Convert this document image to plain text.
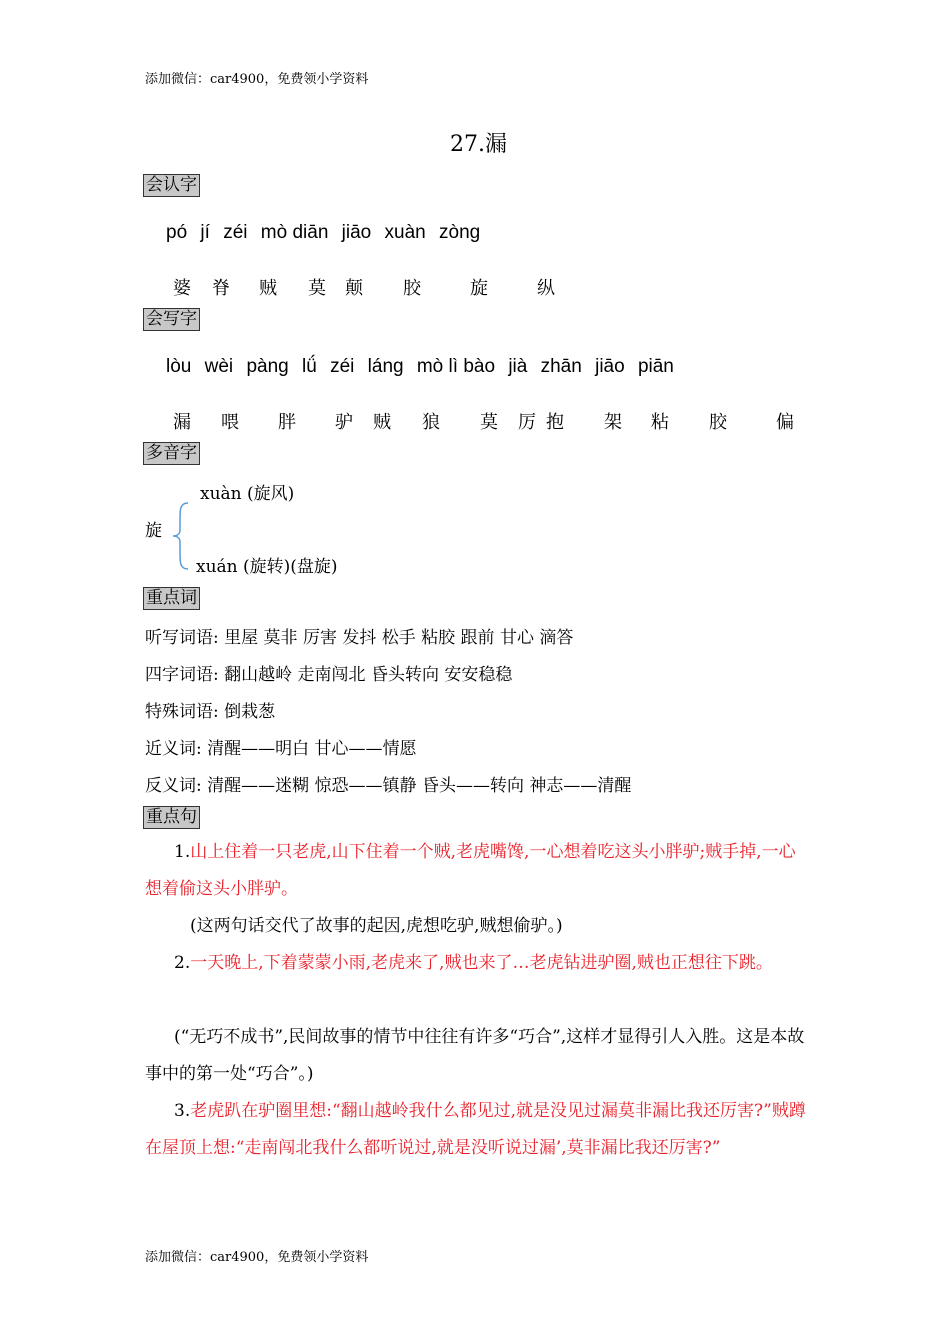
添加微信：car4900，免费领小学资料
27.漏
会认字
pó jí zéi mò diān jiāo xuàn zòng
婆 脊 贼 莫 颠 胶	旋	纵
会写字
lòu wèi pàng lǘ zéi láng mò lì bào jià zhān jiāo piān
漏 喂 胖 驴 贼 狼 莫 厉 抱 架 粘 胶	偏
多音字
xuàn (旋风)
旋
xuán (旋转)(盘旋)
重点词
听写词语: 里屋 莫非 厉害 发抖 松手 粘胶 跟前 甘心 滴答
四字词语: 翻山越岭 走南闯北 昏头转向 安安稳稳
特殊词语: 倒栽葱
近义词: 清醒——明白 甘心——情愿
反义词: 清醒——迷糊 惊恐——镇静 昏头——转向 神志——清醒
重点句
1.山上住着一只老虎,山下住着一个贼,老虎嘴馋,一心想着吃这头小胖驴;贼手掉,一心想着偷这头小胖驴。
(这两句话交代了故事的起因,虎想吃驴,贼想偷驴。)
2.一天晚上,下着蒙蒙小雨,老虎来了,贼也来了…老虎钻进驴圈,贼也正想往下跳。
(“无巧不成书”,民间故事的情节中往往有许多“巧合”,这样才显得引人入胜。这是本故事中的第一处“巧合”。)
3.老虎趴在驴圈里想:“翻山越岭我什么都见过,就是没见过漏莫非漏比我还厉害?”贼蹲在屋顶上想:“走南闯北我什么都听说过,就是没听说过漏’,莫非漏比我还厉害?”
添加微信：car4900，免费领小学资料
